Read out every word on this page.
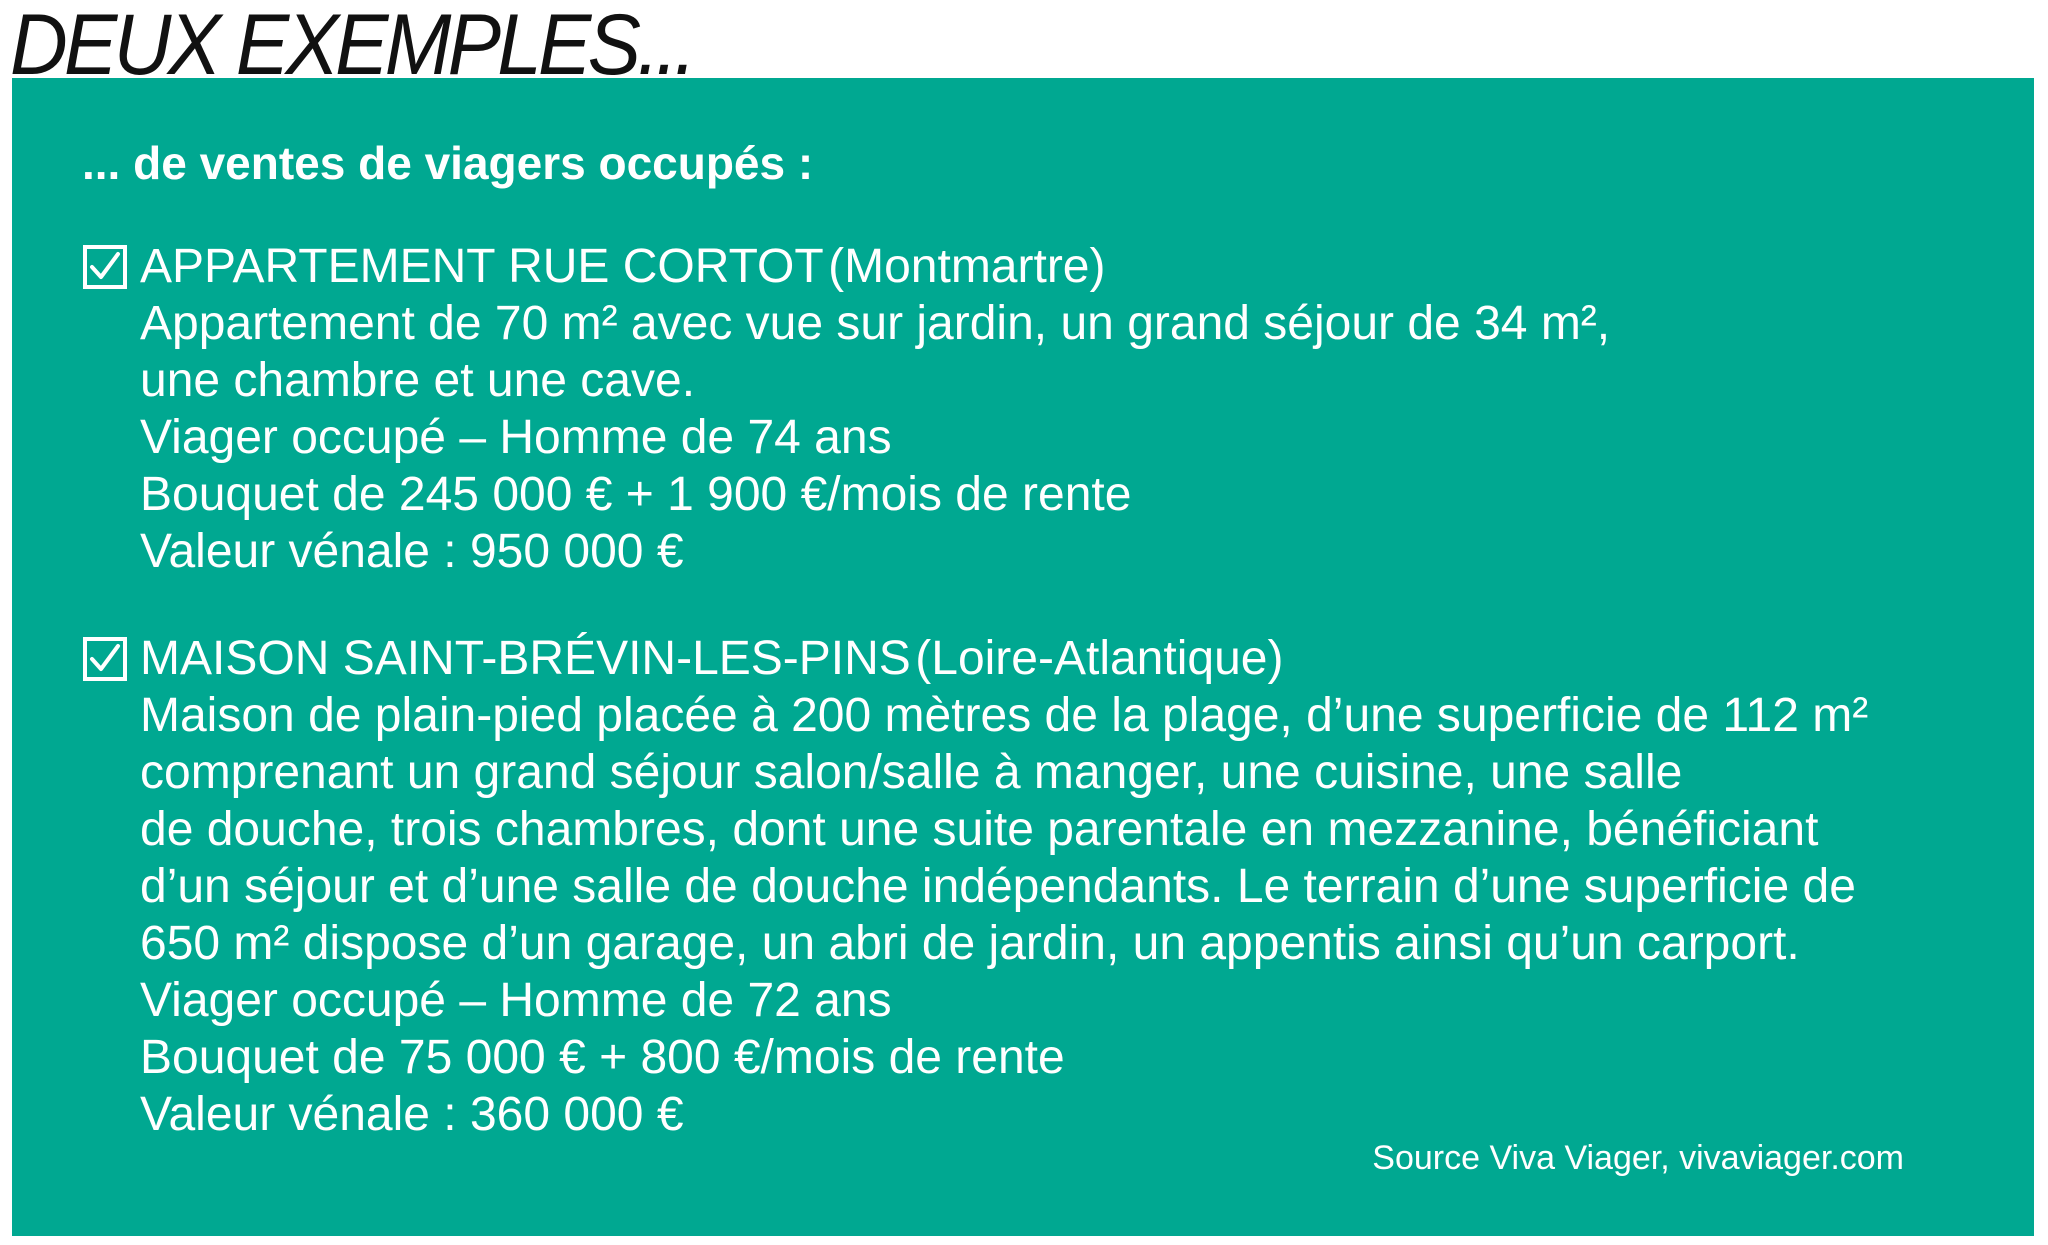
DEUX EXEMPLES...

... de ventes de viagers occupés :

APPARTEMENT RUE CORTOT
(Montmartre)
Appartement de 70 m² avec vue sur jardin, un grand séjour de 34 m²,
une chambre et une cave.
Viager occupé – Homme de 74 ans
Bouquet de 245 000 € + 1 900 €/mois de rente
Valeur vénale : 950 000 €
MAISON SAINT-BRÉVIN-LES-PINS
(Loire-Atlantique)
Maison de plain-pied placée à 200 mètres de la plage, d’une superficie de 112 m²
comprenant un grand séjour salon/salle à manger, une cuisine, une salle
de douche, trois chambres, dont une suite parentale en mezzanine, bénéficiant
d’un séjour et d’une salle de douche indépendants. Le terrain d’une superficie de
650 m² dispose d’un garage, un abri de jardin, un appentis ainsi qu’un carport.
Viager occupé – Homme de 72 ans
Bouquet de 75 000 € + 800 €/mois de rente
Valeur vénale : 360 000 €

Source Viva Viager, vivaviager.com
